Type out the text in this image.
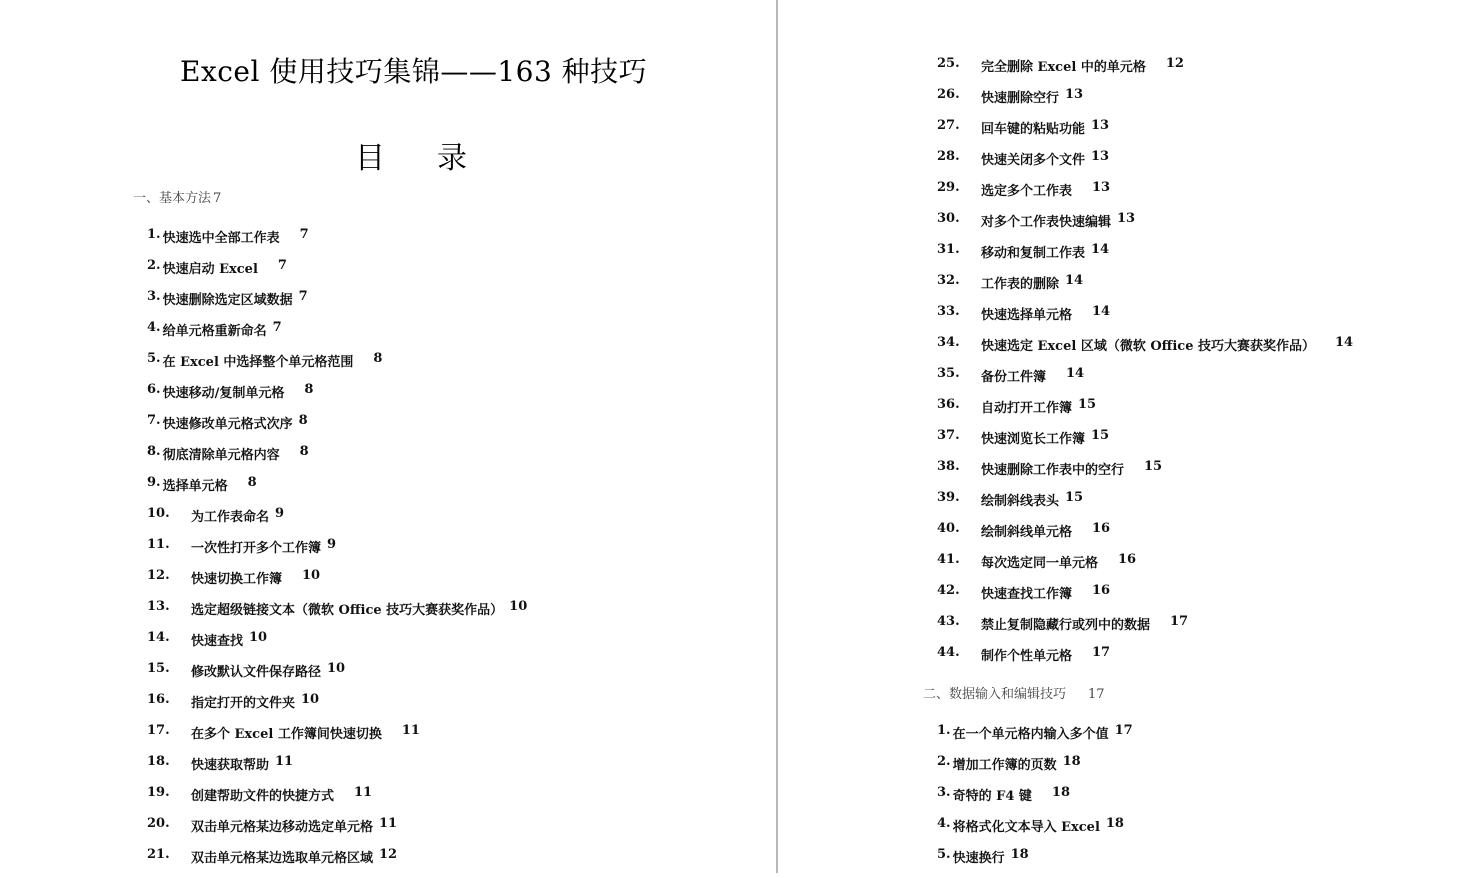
Excel 使用技巧集锦——163 种技巧
目录
一、基本方法 7
1. 快速选中全部工作表 7
2. 快速启动 Excel 7
3. 快速删除选定区域数据 7
4. 给单元格重新命名 7
5. 在 Excel 中选择整个单元格范围 8
6. 快速移动/复制单元格 8
7. 快速修改单元格式次序 8
8. 彻底清除单元格内容 8
9. 选择单元格 8
10.	为工作表命名 9
11.	一次性打开多个工作簿 9
12.	快速切换工作簿 10
13.	选定超级链接文本（微软 Office 技巧大赛获奖作品） 10
14.	快速查找 10
15.	修改默认文件保存路径 10
16.	指定打开的文件夹 10
17.	在多个 Excel 工作簿间快速切换 11
18.	快速获取帮助 11
19.	创建帮助文件的快捷方式 11
20.	双击单元格某边移动选定单元格 11
21.	双击单元格某边选取单元格区域 12
25.	完全删除 Excel 中的单元格 12
26.	快速删除空行 13
27.	回车键的粘贴功能 13
28.	快速关闭多个文件 13
29.	选定多个工作表 13
30.	对多个工作表快速编辑 13
31.	移动和复制工作表 14
32.	工作表的删除 14
33.	快速选择单元格 14
34.	快速选定 Excel 区域（微软 Office 技巧大赛获奖作品） 14
35.	备份工件簿 14
36.	自动打开工作簿 15
37.	快速浏览长工作簿 15
38.	快速删除工作表中的空行 15
39.	绘制斜线表头 15
40.	绘制斜线单元格 16
41.	每次选定同一单元格 16
42.	快速查找工作簿 16
43.	禁止复制隐藏行或列中的数据 17
44.	制作个性单元格 17
二、数据输入和编辑技巧 17
1. 在一个单元格内输入多个值 17
2. 增加工作簿的页数 18
3. 奇特的 F4 键 18
4. 将格式化文本导入 Excel 18
5. 快速换行 18
